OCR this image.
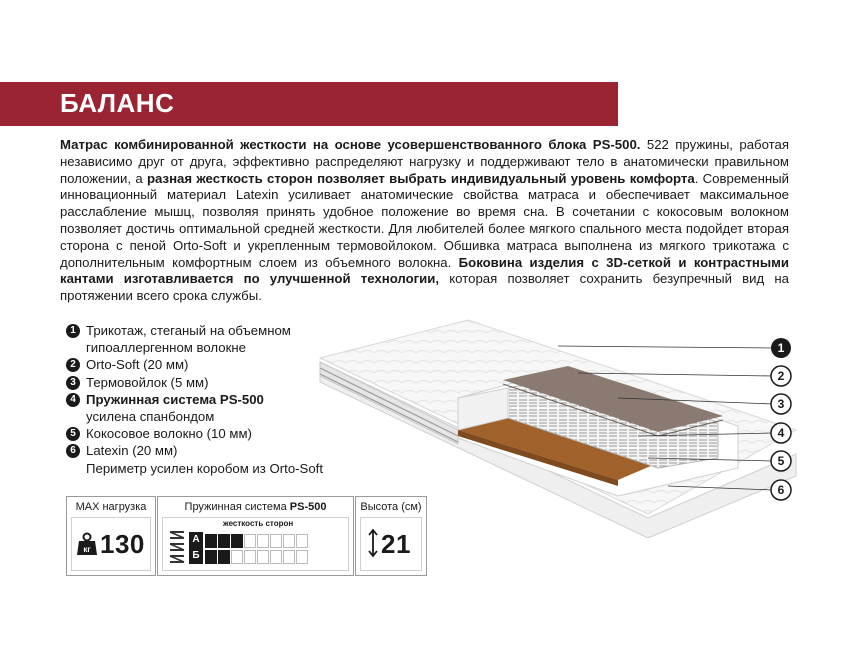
БАЛАНС
Матрас комбинированной жесткости на основе усовершенствованного блока PS-500. 522 пружины, работая независимо друг от друга, эффективно распределяют нагрузку и поддерживают тело в анатомически правильном положении, а разная жесткость сторон позволяет выбрать индивидуальный уровень комфорта. Современный инновационный материал Latexin усиливает анатомические свойства матраса и обеспечивает максимальное расслабление мышц, позволяя принять удобное положение во время сна. В сочетании с кокосовым волокном позволяет достичь оптимальной средней жесткости. Для любителей более мягкого спального места подойдет вторая сторона с пеной Orto-Soft и укрепленным термовойлоком. Обшивка матраса выполнена из мягкого трикотажа с дополнительным комфортным слоем из объемного волокна. Боковина изделия с 3D-сеткой и контрастными кантами изготавливается по улучшенной технологии, которая позволяет сохранить безупречный вид на протяжении всего срока службы.
1 Трикотаж, стеганый на объемном
гипоаллергенном волокне
2 Orto-Soft (20 мм)
3 Термовойлок (5 мм)
4 Пружинная система PS-500
усилена спанбондом
5 Кокосовое волокно (10 мм)
6 Latexin (20 мм)
Периметр усилен коробом из Orto-Soft
1
2
3
4
5
6
MAX нагрузка
кг 130
Пружинная система PS-500
жесткость сторон
А
Б
Высота (см)
21
